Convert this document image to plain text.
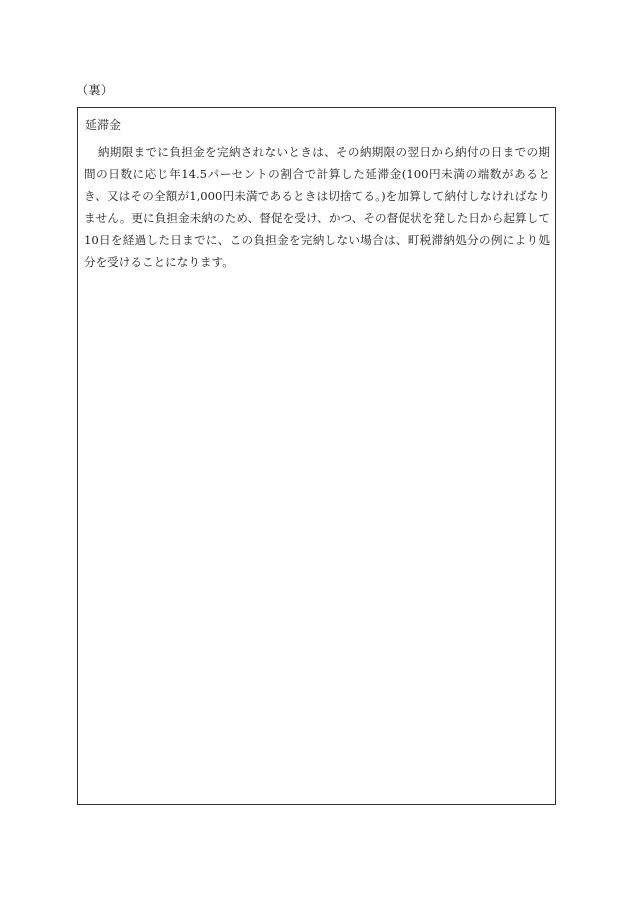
（裏）
延滞金

納期限までに負担金を完納されないときは、その納期限の翌日から納付の日までの期間の日数に応じ年14.5パーセントの割合で計算した延滞金(100円未満の端数があるとき、又はその全額が1,000円未満であるときは切捨てる。)を加算して納付しなければなりません。更に負担金未納のため、督促を受け、かつ、その督促状を発した日から起算して10日を経過した日までに、この負担金を完納しない場合は、町税滞納処分の例により処分を受けることになります。
